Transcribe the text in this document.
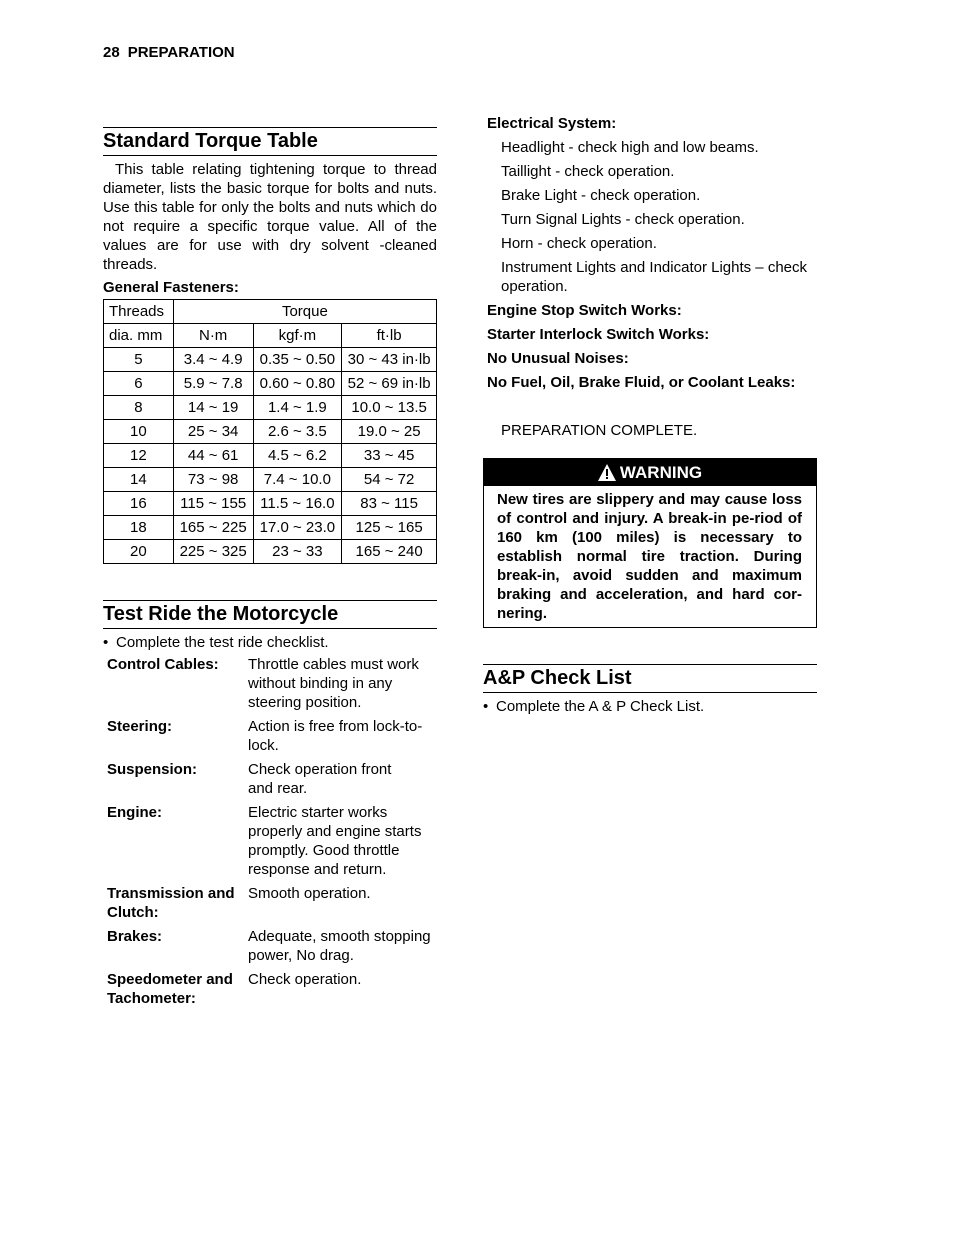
28 PREPARATION
Standard Torque Table
This table relating tightening torque to thread diameter, lists the basic torque for bolts and nuts. Use this table for only the bolts and nuts which do not require a specific torque value. All of the values are for use with dry solvent -cleaned threads.
General Fasteners:
Threads	Torque		
dia. mm	N·m	kgf·m	ft·lb
5	3.4 ~ 4.9	0.35 ~ 0.50	30 ~ 43 in·lb
6	5.9 ~ 7.8	0.60 ~ 0.80	52 ~ 69 in·lb
8	14 ~ 19	1.4 ~ 1.9	10.0 ~ 13.5
10	25 ~ 34	2.6 ~ 3.5	19.0 ~ 25
12	44 ~ 61	4.5 ~ 6.2	33 ~ 45
14	73 ~ 98	7.4 ~ 10.0	54 ~ 72
16	115 ~ 155	11.5 ~ 16.0	83 ~ 115
18	165 ~ 225	17.0 ~ 23.0	125 ~ 165
20	225 ~ 325	23 ~ 33	165 ~ 240
Test Ride the Motorcycle
• Complete the test ride checklist.
Control Cables:	Throttle cables must work without binding in any steering position.
Steering:	Action is free from lock-to-lock.
Suspension:	Check operation front
and rear.
Engine:	Electric starter works properly and engine starts promptly. Good throttle response and return.
Transmission and Clutch:
Smooth operation.
Brakes:	Adequate, smooth stopping power, No drag.
Speedometer and Tachometer:
Check operation.
Electrical System:
Headlight - check high and low beams.
Taillight - check operation.
Brake Light - check operation.
Turn Signal Lights - check operation.
Horn - check operation.
Instrument Lights and Indicator Lights – check operation.
Engine Stop Switch Works:
Starter Interlock Switch Works:
No Unusual Noises:
No Fuel, Oil, Brake Fluid, or Coolant Leaks:
PREPARATION COMPLETE.
WARNING
New tires are slippery and may cause loss of control and injury. A break-in pe-riod of 160 km (100 miles) is necessary to establish normal tire traction. During break-in, avoid sudden and maximum braking and acceleration, and hard cor-nering.
A&P Check List
• Complete the A & P Check List.
